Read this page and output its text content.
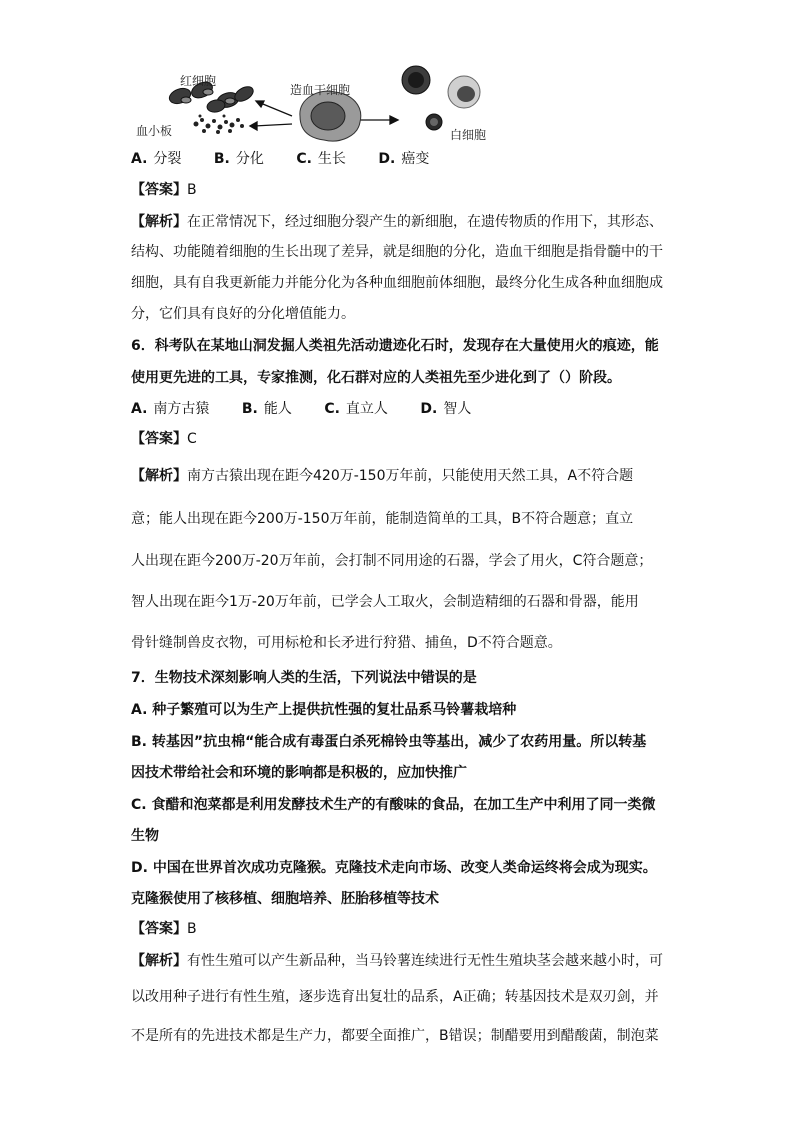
红细胞
造血干细胞
血小板	白细胞
A. 分裂 B. 分化 C. 生长 D. 癌变
【答案】B
【解析】在正常情况下，经过细胞分裂产生的新细胞，在遗传物质的作用下，其形态、
结构、功能随着细胞的生长出现了差异，就是细胞的分化，造血干细胞是指骨髓中的干
细胞，具有自我更新能力并能分化为各种血细胞前体细胞，最终分化生成各种血细胞成
分，它们具有良好的分化增值能力。
6．科考队在某地山洞发掘人类祖先活动遗迹化石时，发现存在大量使用火的痕迹，能
使用更先进的工具，专家推测，化石群对应的人类祖先至少进化到了（）阶段。
A. 南方古猿 B. 能人 C. 直立人 D. 智人
【答案】C
【解析】南方古猿出现在距今420万-150万年前，只能使用天然工具，A不符合题
意；能人出现在距今200万-150万年前，能制造简单的工具，B不符合题意；直立
人出现在距今200万-20万年前，会打制不同用途的石器，学会了用火，C符合题意；
智人出现在距今1万-20万年前，已学会人工取火，会制造精细的石器和骨器，能用
骨针缝制兽皮衣物，可用标枪和长矛进行狩猎、捕鱼，D不符合题意。
7．生物技术深刻影响人类的生活，下列说法中错误的是
A. 种子繁殖可以为生产上提供抗性强的复壮品系马铃薯栽培种
B. 转基因”抗虫棉“能合成有毒蛋白杀死棉铃虫等基出，减少了农药用量。所以转基
因技术带给社会和环境的影响都是积极的，应加快推广
C. 食醋和泡菜都是利用发酵技术生产的有酸味的食品，在加工生产中利用了同一类微
生物
D. 中国在世界首次成功克隆猴。克隆技术走向市场、改变人类命运终将会成为现实。
克隆猴使用了核移植、细胞培养、胚胎移植等技术
【答案】B
【解析】有性生殖可以产生新品种，当马铃薯连续进行无性生殖块茎会越来越小时，可
以改用种子进行有性生殖，逐步选育出复壮的品系，A正确；转基因技术是双刃剑，并
不是所有的先进技术都是生产力，都要全面推广，B错误；制醋要用到醋酸菌，制泡菜
